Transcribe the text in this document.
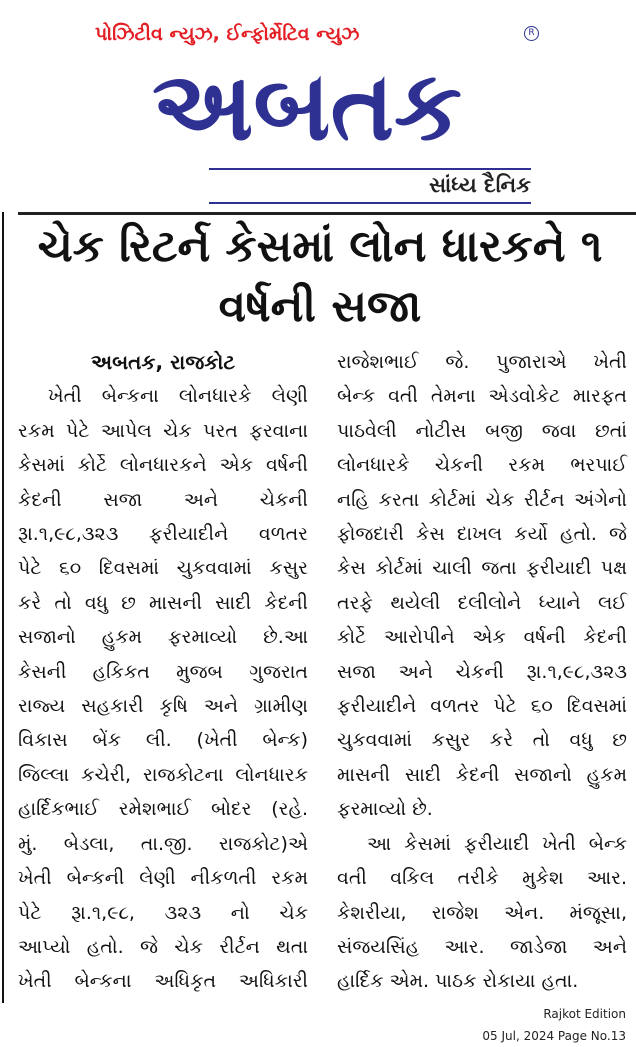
પોઝિટીવ ન્યુઝ, ઈન્ફોર્મેટિવ ન્યુઝ
અબતક
R
સાંધ્ય દૈનિક
ચેક રિટર્ન કેસમાં લોન ધારકને ૧ વર્ષની સજા
અબતક, રાજકોટ
ખેતી બેન્કના લોનધારકે લેણી
રકમ પેટે આપેલ ચેક પરત ફરવાના
કેસમાં કોર્ટે લોનધારકને એક વર્ષની
કેદની સજા અને ચેકની
રૂા.૧,૯૮,૩૨૩ ફરીયાદીને વળતર
પેટે ૬૦ દિવસમાં ચુકવવામાં કસુર
કરે તો વધુ છ માસની સાદી કેદની
સજાનો હુકમ ફરમાવ્યો છે.આ
કેસની હકિકત મુજબ ગુજરાત
રાજ્ય સહકારી કૃષિ અને ગ્રામીણ
વિકાસ બેંક લી. (ખેતી બેન્ક)
જિલ્લા કચેરી, રાજકોટના લોનધારક
હાર્દિકભાઈ રમેશભાઈ બોદર (રહે.
મું. બેડલા, તા.જી. રાજકોટ)એ
ખેતી બેન્કની લેણી નીકળતી રકમ
પેટે રૂા.૧,૯૮, ૩૨૩ નો ચેક
આપ્યો હતો. જે ચેક રીર્ટન થતા
ખેતી બેન્કના અધિકૃત અધિકારી
રાજેશભાઈ જે. પુજારાએ ખેતી
બેન્ક વતી તેમના એડવોકેટ મારફત
પાઠવેલી નોટીસ બજી જવા છતાં
લોનધારકે ચેકની રકમ ભરપાઈ
નહિ કરતા કોર્ટમાં ચેક રીર્ટન અંગેનો
ફોજદારી કેસ દાખલ કર્યો હતો. જે
કેસ કોર્ટમાં ચાલી જતા ફરીયાદી પક્ષ
તરફે થયેલી દલીલોને ધ્યાને લઈ
કોર્ટે આરોપીને એક વર્ષની કેદની
સજા અને ચેકની રૂા.૧,૯૮,૩૨૩
ફરીયાદીને વળતર પેટે ૬૦ દિવસમાં
ચુકવવામાં કસુર કરે તો વધુ છ
માસની સાદી કેદની સજાનો હુકમ
ફરમાવ્યો છે.
આ કેસમાં ફરીયાદી ખેતી બેન્ક
વતી વકિલ તરીકે મુકેશ આર.
કેશરીયા, રાજેશ એન. મંજૂસા,
સંજયસિંહ આર. જાડેજા અને
હાર્દિક એમ. પાઠક રોકાયા હતા.
Rajkot Edition
05 Jul, 2024 Page No.13
